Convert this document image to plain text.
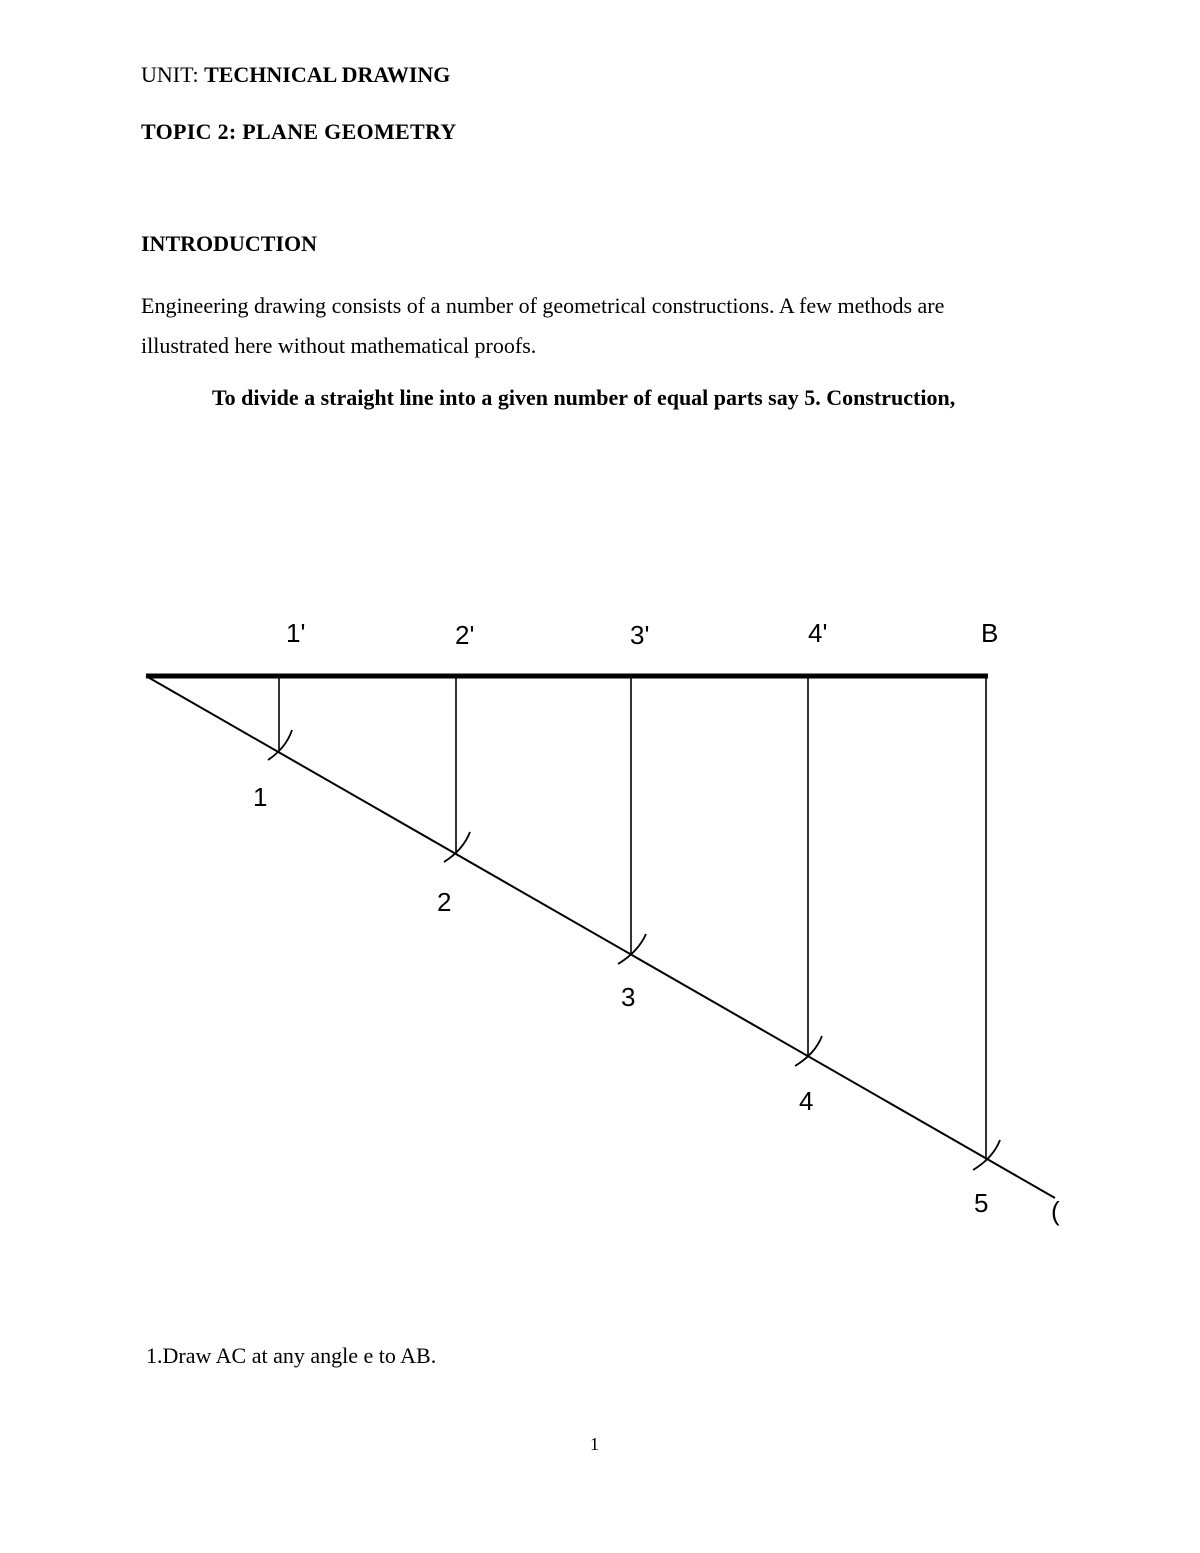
UNIT: TECHNICAL DRAWING
TOPIC 2: PLANE GEOMETRY
INTRODUCTION
Engineering drawing consists of a number of geometrical constructions. A few methods are illustrated here without mathematical proofs.
To divide a straight line into a given number of equal parts say 5. Construction,
1'	2'	3'	4'	B
1
2
3
4
5 (
1.Draw AC at any angle e to AB.
1
